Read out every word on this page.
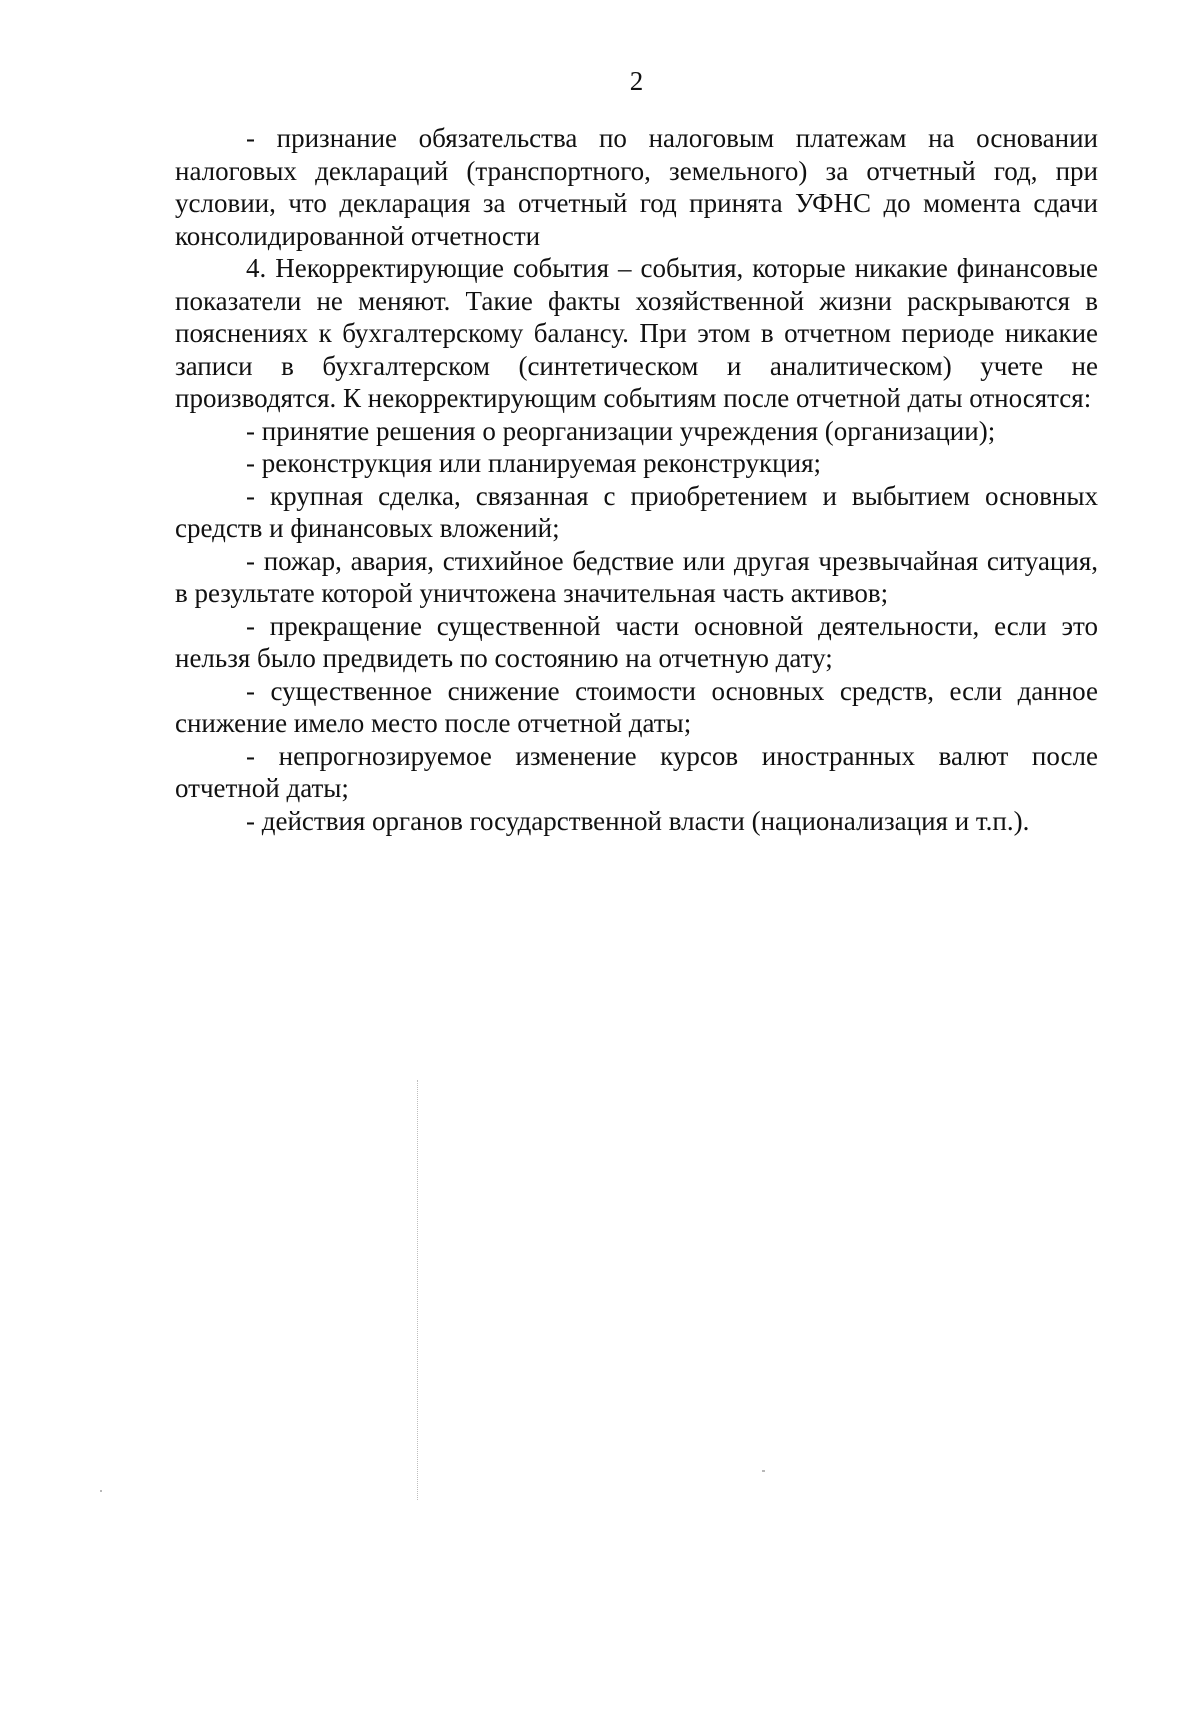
2

- признание обязательства по налоговым платежам на основании налоговых деклараций (транспортного, земельного) за отчетный год, при условии, что декларация за отчетный год принята УФНС до момента сдачи консолидированной отчетности

4. Некорректирующие события – события, которые никакие финансовые показатели не меняют. Такие факты хозяйственной жизни раскрываются в пояснениях к бухгалтерскому балансу. При этом в отчетном периоде никакие записи в бухгалтерском (синтетическом и аналитическом) учете не производятся. К некорректирующим событиям после отчетной даты относятся:

- принятие решения о реорганизации учреждения (организации);

- реконструкция или планируемая реконструкция;

- крупная сделка, связанная с приобретением и выбытием основных средств и финансовых вложений;

- пожар, авария, стихийное бедствие или другая чрезвычайная ситуация, в результате которой уничтожена значительная часть активов;

- прекращение существенной части основной деятельности, если это нельзя было предвидеть по состоянию на отчетную дату;

- существенное снижение стоимости основных средств, если данное снижение имело место после отчетной даты;

- непрогнозируемое изменение курсов иностранных валют после отчетной даты;

- действия органов государственной власти (национализация и т.п.).
